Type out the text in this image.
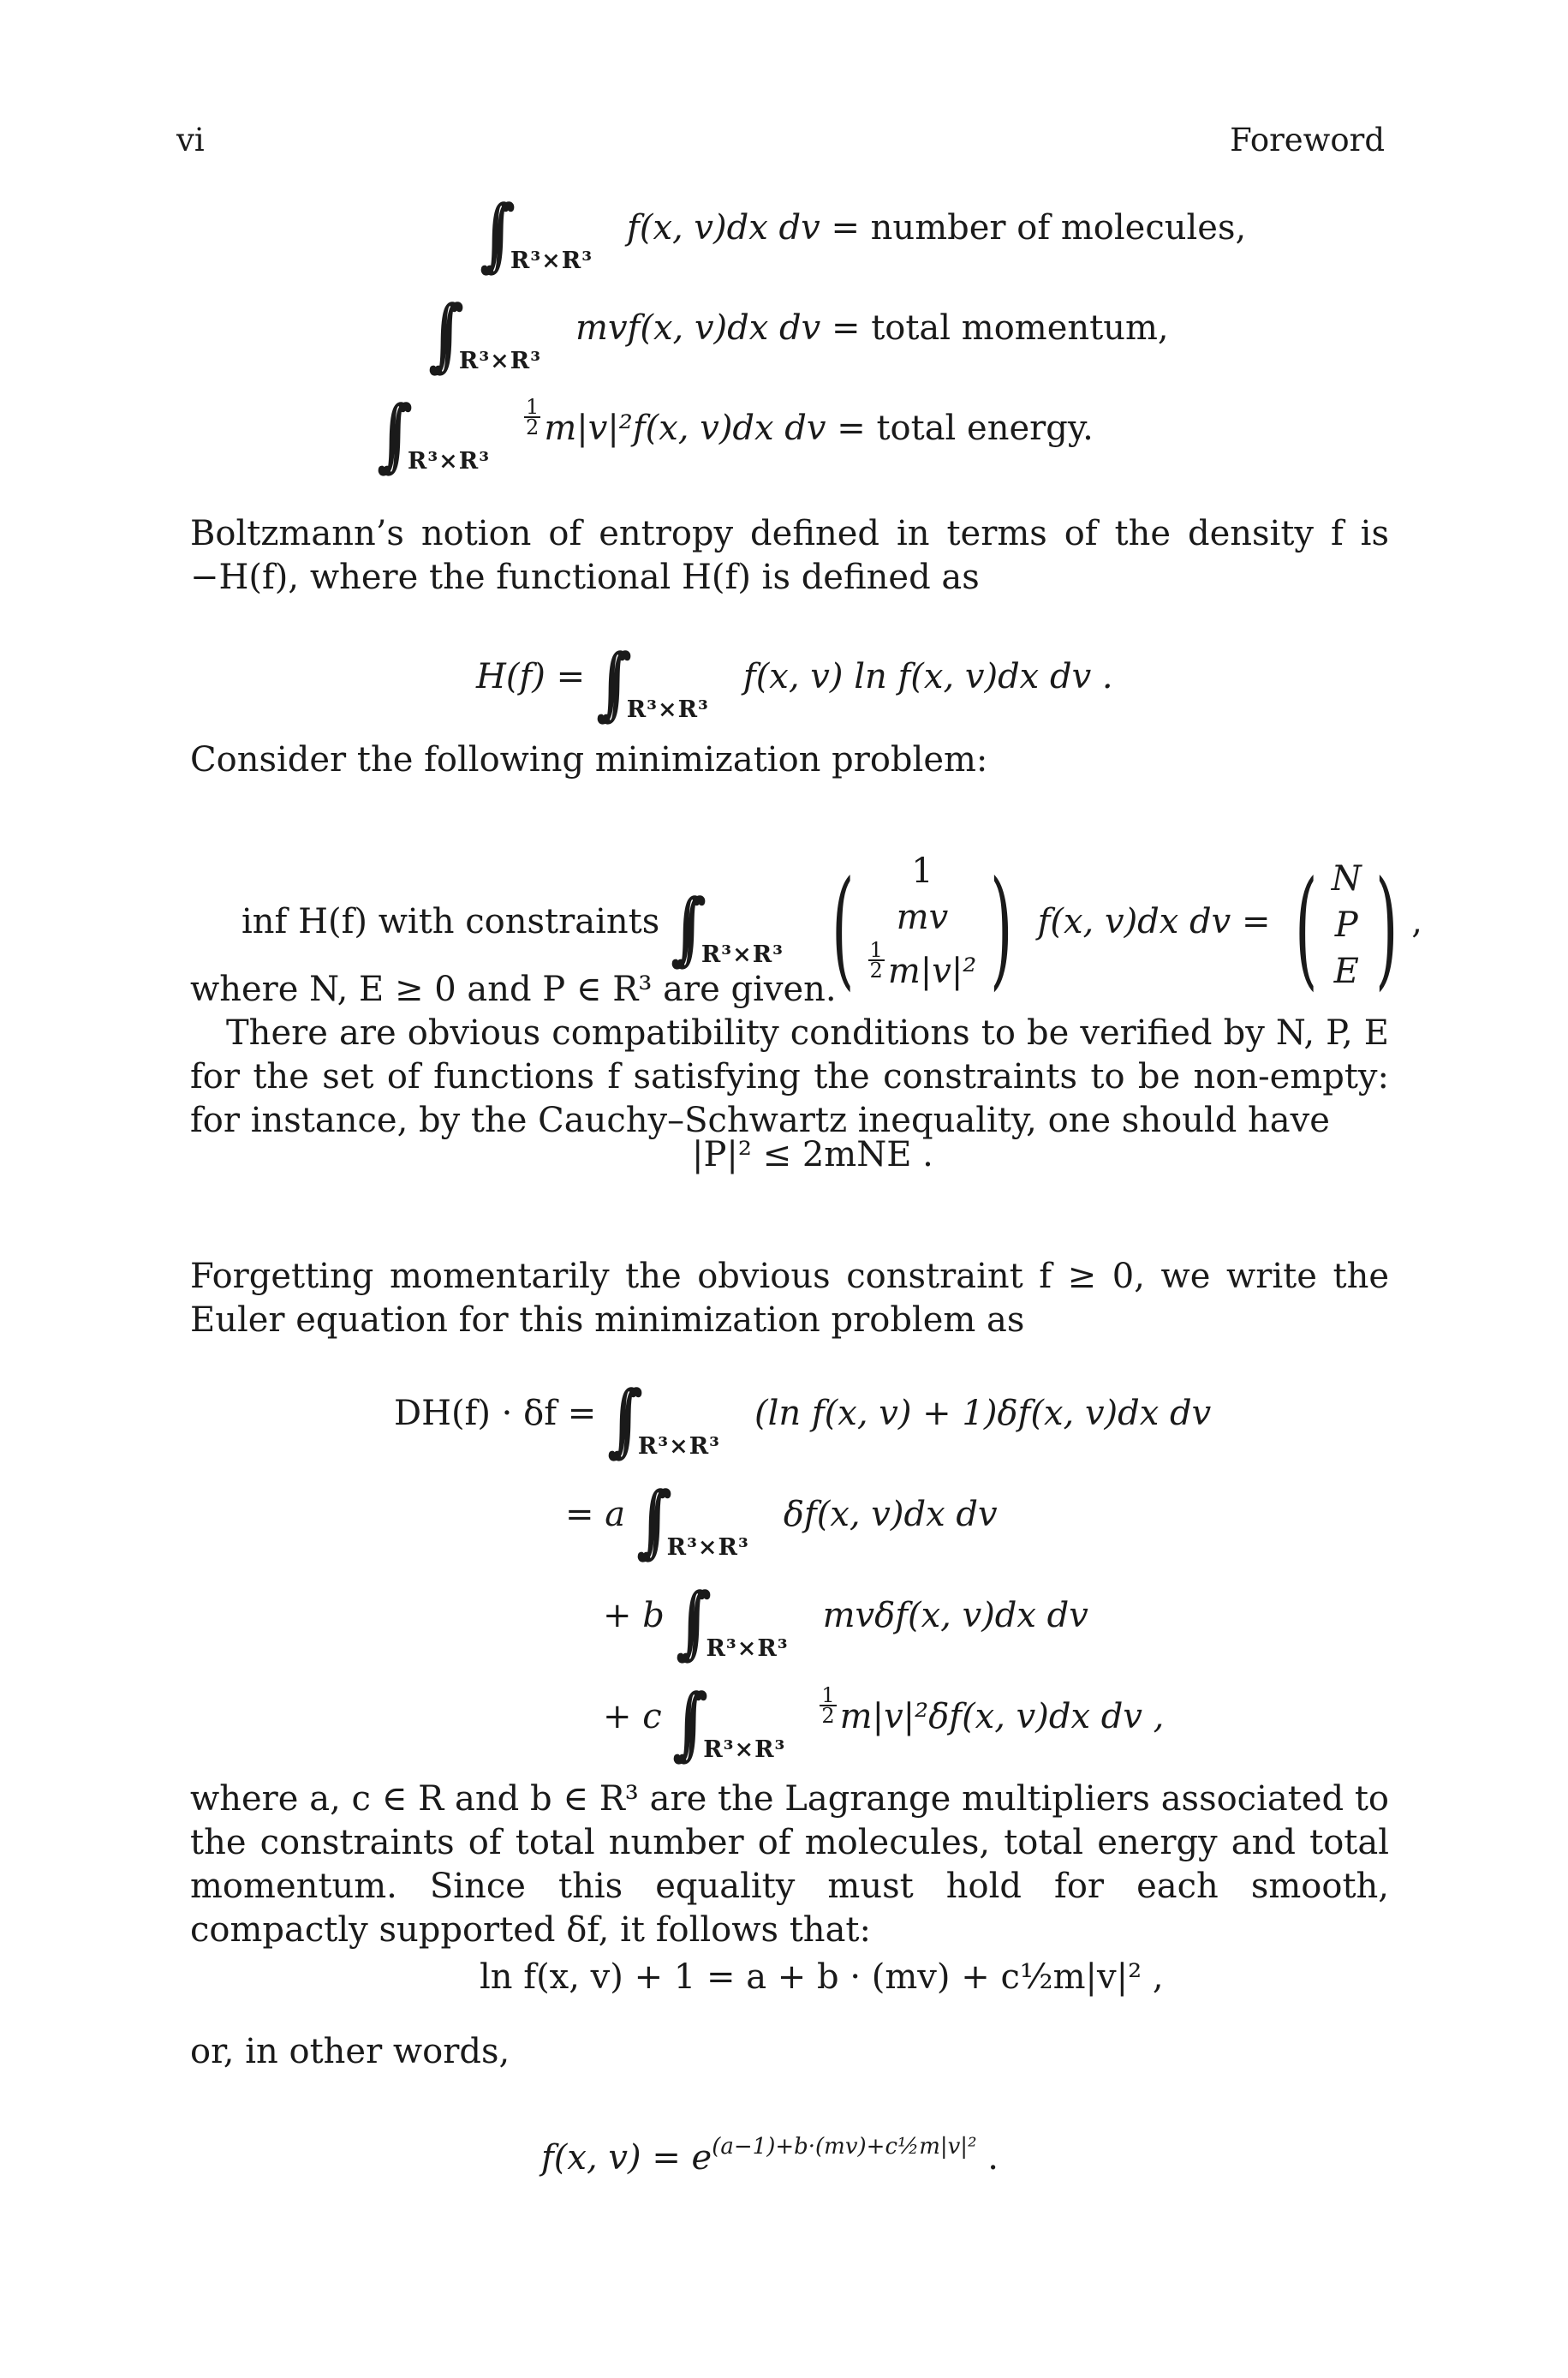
vi	Foreword
∫∫ R³×R³f(x, v)dx dv = number of molecules,
∫∫ R³×R³mvf(x, v)dx dv = total momentum,
∫∫ R³×R³
$\frac{1}{2} m|v|^2f(x$, v)dx dv = total energy.
Boltzmann’s notion of entropy defined in terms of the density f is −H(f), where the functional H(f) is defined as
H(f) = ∫∫ R³×R³f(x, v) ln f(x, v)dx dv .
Consider the following minimization problem:
inf H(f) with constraints ∫∫ R³×R³ (	1
mv
$\frac{1}{2} m|v|^2$ ) f(x, v)dx dv = ( N
P
E ) ,
where N, E ≥ 0 and P ∈ R³ are given.
There are obvious compatibility conditions to be verified by N, P, E for the set of functions f satisfying the constraints to be non-empty: for instance, by the Cauchy–Schwartz inequality, one should have
|P|² ≤ 2mNE .
Forgetting momentarily the obvious constraint f ≥ 0, we write the Euler equation for this minimization problem as
DH(f) · δf = ∫∫ R³×R³(ln f(x, v) + 1)δf(x, v)dx dv
= a ∫∫ R³×R³δf(x, v)dx dv
+ b ∫∫ R³×R³mvδf(x, v)dx dv
+ c ∫∫ R³×R³
$\frac{1}{2} m|v|^2\delta f(x$, v)dx dv ,
where a, c ∈ R and b ∈ R³ are the Lagrange multipliers associated to the constraints of total number of molecules, total energy and total momentum. Since this equality must hold for each smooth, compactly supported δf, it follows that:
ln f(x, v) + 1 = a + b · (mv) + c½m|v|² ,
or, in other words,
f(x, $v) = e^{(a-1)+b\cdot(mv)+c\frac{1}{2}m|v|^2}$ .
